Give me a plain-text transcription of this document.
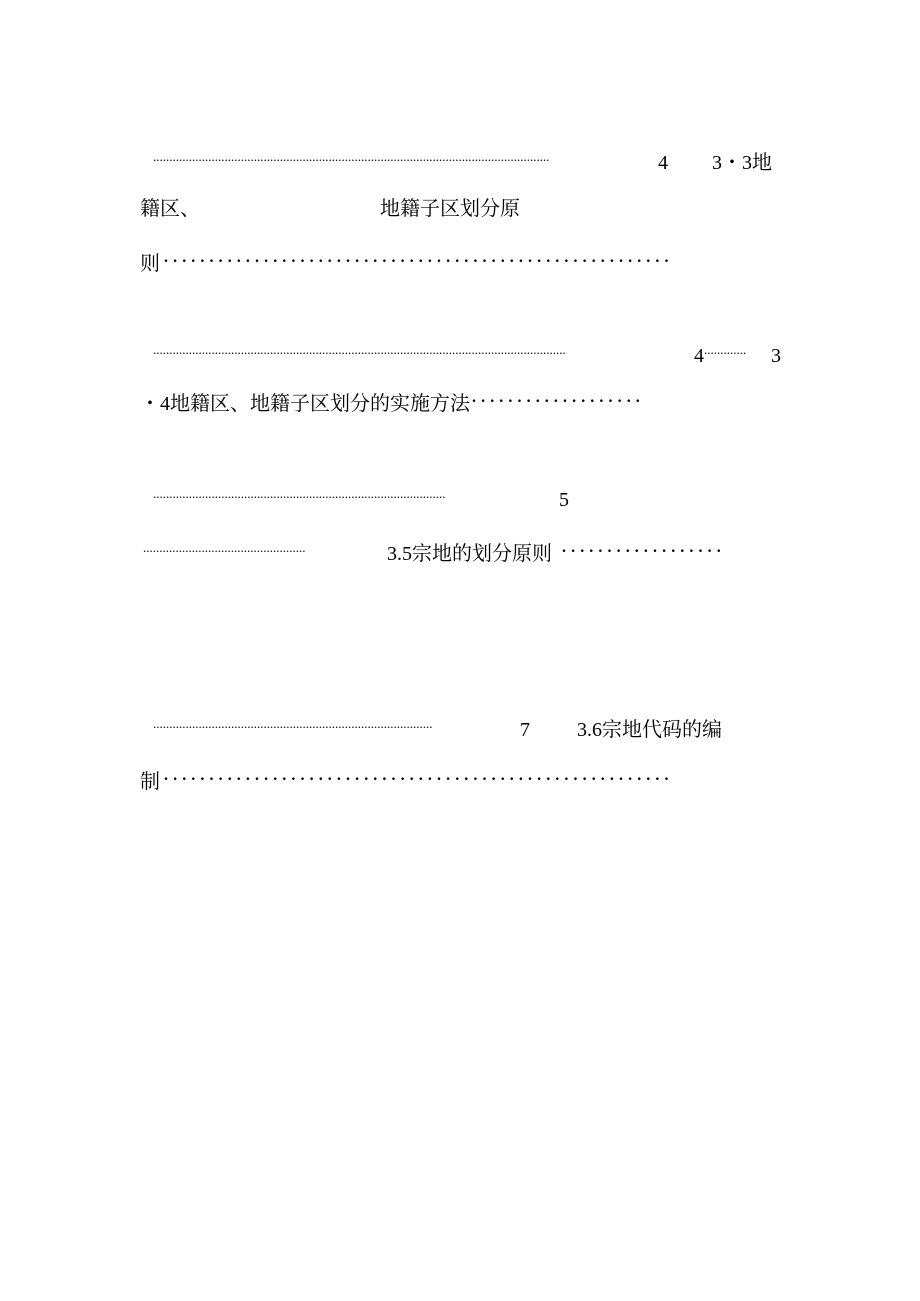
..........................................................................................................................	4 3・3地
籍区、	地籍子区划分原
则 ........................................................
...............................................................................................................................	4............. 3
・4地籍区、地籍子区划分的实施方法 ...................
..........................................................................................	5
..................................................	3.5宗地的划分原则 ..................
......................................................................................	7 3.6宗地代码的编
制 ........................................................
